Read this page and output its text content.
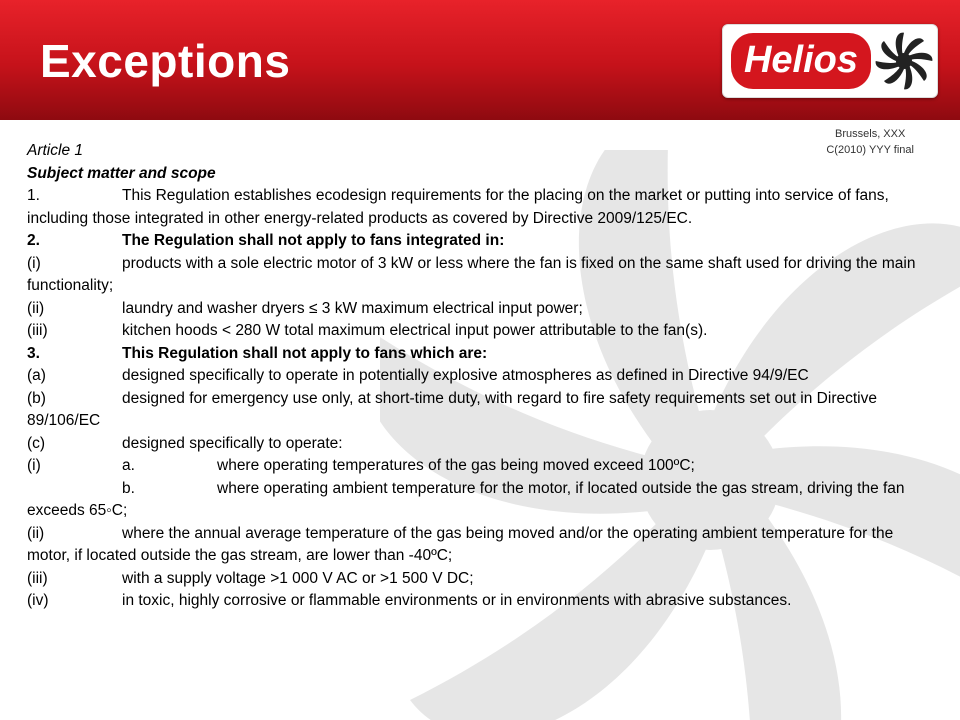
Exceptions	Helios
Brussels, XXX
C(2010) YYY final

Article 1

Subject matter and scope

1.	This Regulation establishes ecodesign requirements for the placing on the market or putting into service of fans, including those integrated in other energy-related products as covered by Directive 2009/125/EC.

2.	The Regulation shall not apply to fans integrated in:

(i)	products with a sole electric motor of 3 kW or less where the fan is fixed on the same shaft used for driving the main functionality;

(ii)	laundry and washer dryers ≤ 3 kW maximum electrical input power;

(iii)	kitchen hoods < 280 W total maximum electrical input power attributable to the fan(s).

3.	This Regulation shall not apply to fans which are:

(a)	designed specifically to operate in potentially explosive atmospheres as defined in Directive 94/9/EC

(b)	designed for emergency use only, at short-time duty, with regard to fire safety requirements set out in Directive 89/106/EC

(c)	designed specifically to operate:

(i)	a.	where operating temperatures of the gas being moved exceed 100ºC;

b.	where operating ambient temperature for the motor, if located outside the gas stream, driving the fan exceeds 65◦C;

(ii)	where the annual average temperature of the gas being moved and/or the operating ambient temperature for the motor, if located outside the gas stream, are lower than -40ºC;

(iii)	with a supply voltage >1 000 V AC or >1 500 V DC;

(iv)	in toxic, highly corrosive or flammable environments or in environments with abrasive substances.
